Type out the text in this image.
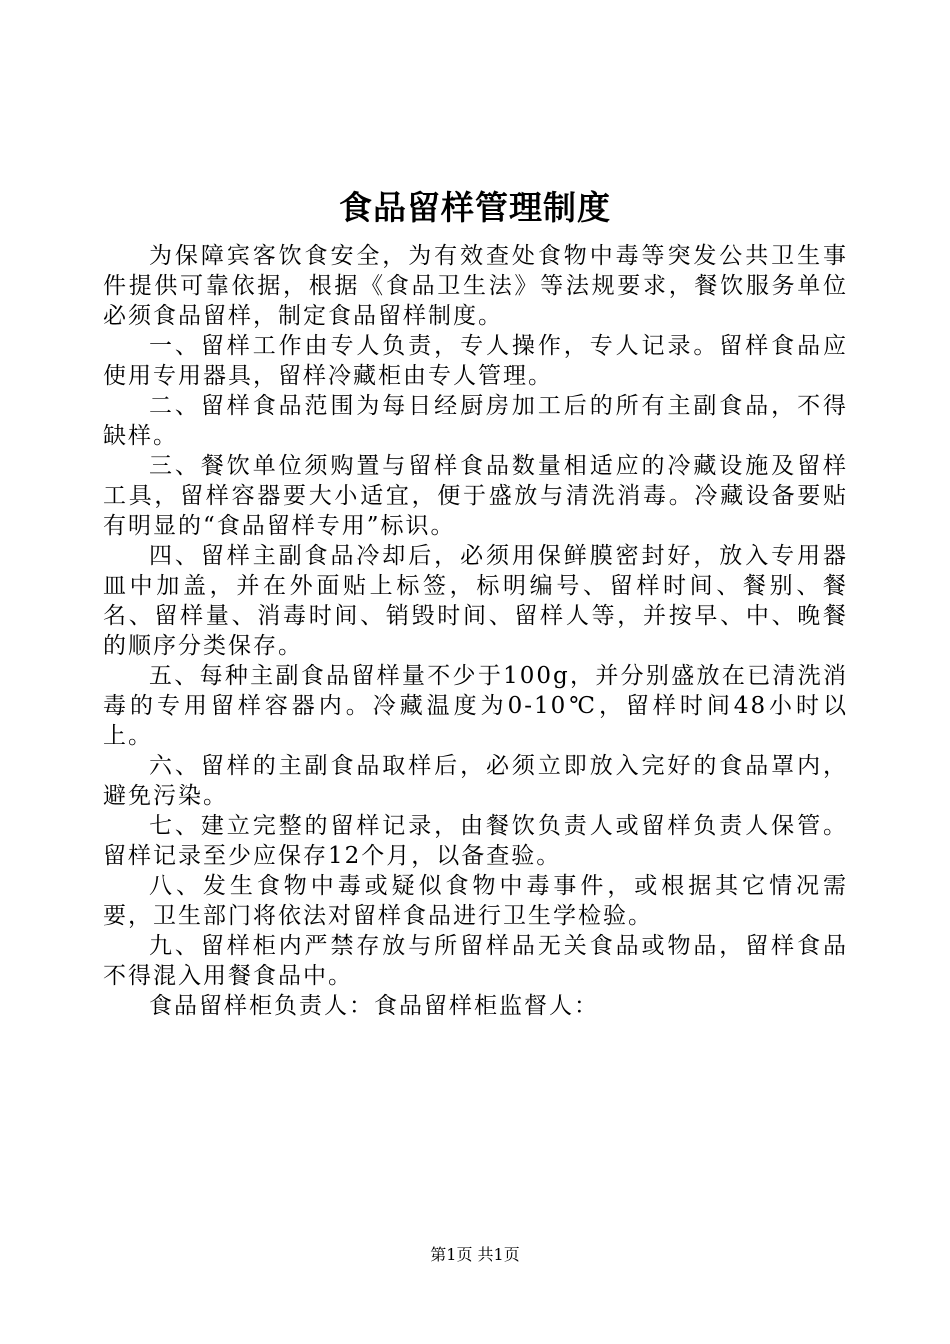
食品留样管理制度

为保障宾客饮食安全，为有效查处食物中毒等突发公共卫生事件提供可靠依据，根据《食品卫生法》等法规要求，餐饮服务单位必须食品留样，制定食品留样制度。

一、留样工作由专人负责，专人操作，专人记录。留样食品应使用专用器具，留样冷藏柜由专人管理。

二、留样食品范围为每日经厨房加工后的所有主副食品，不得缺样。

三、餐饮单位须购置与留样食品数量相适应的冷藏设施及留样工具，留样容器要大小适宜，便于盛放与清洗消毒。冷藏设备要贴有明显的“食品留样专用”标识。

四、留样主副食品冷却后，必须用保鲜膜密封好，放入专用器皿中加盖，并在外面贴上标签，标明编号、留样时间、餐别、餐名、留样量、消毒时间、销毁时间、留样人等，并按早、中、晚餐的顺序分类保存。

五、每种主副食品留样量不少于100g，并分别盛放在已清洗消毒的专用留样容器内。冷藏温度为0-10℃，留样时间48小时以上。

六、留样的主副食品取样后，必须立即放入完好的食品罩内，避免污染。

七、建立完整的留样记录，由餐饮负责人或留样负责人保管。留样记录至少应保存12个月，以备查验。

八、发生食物中毒或疑似食物中毒事件，或根据其它情况需要，卫生部门将依法对留样食品进行卫生学检验。

九、留样柜内严禁存放与所留样品无关食品或物品，留样食品不得混入用餐食品中。

食品留样柜负责人：食品留样柜监督人：

第1页 共1页
